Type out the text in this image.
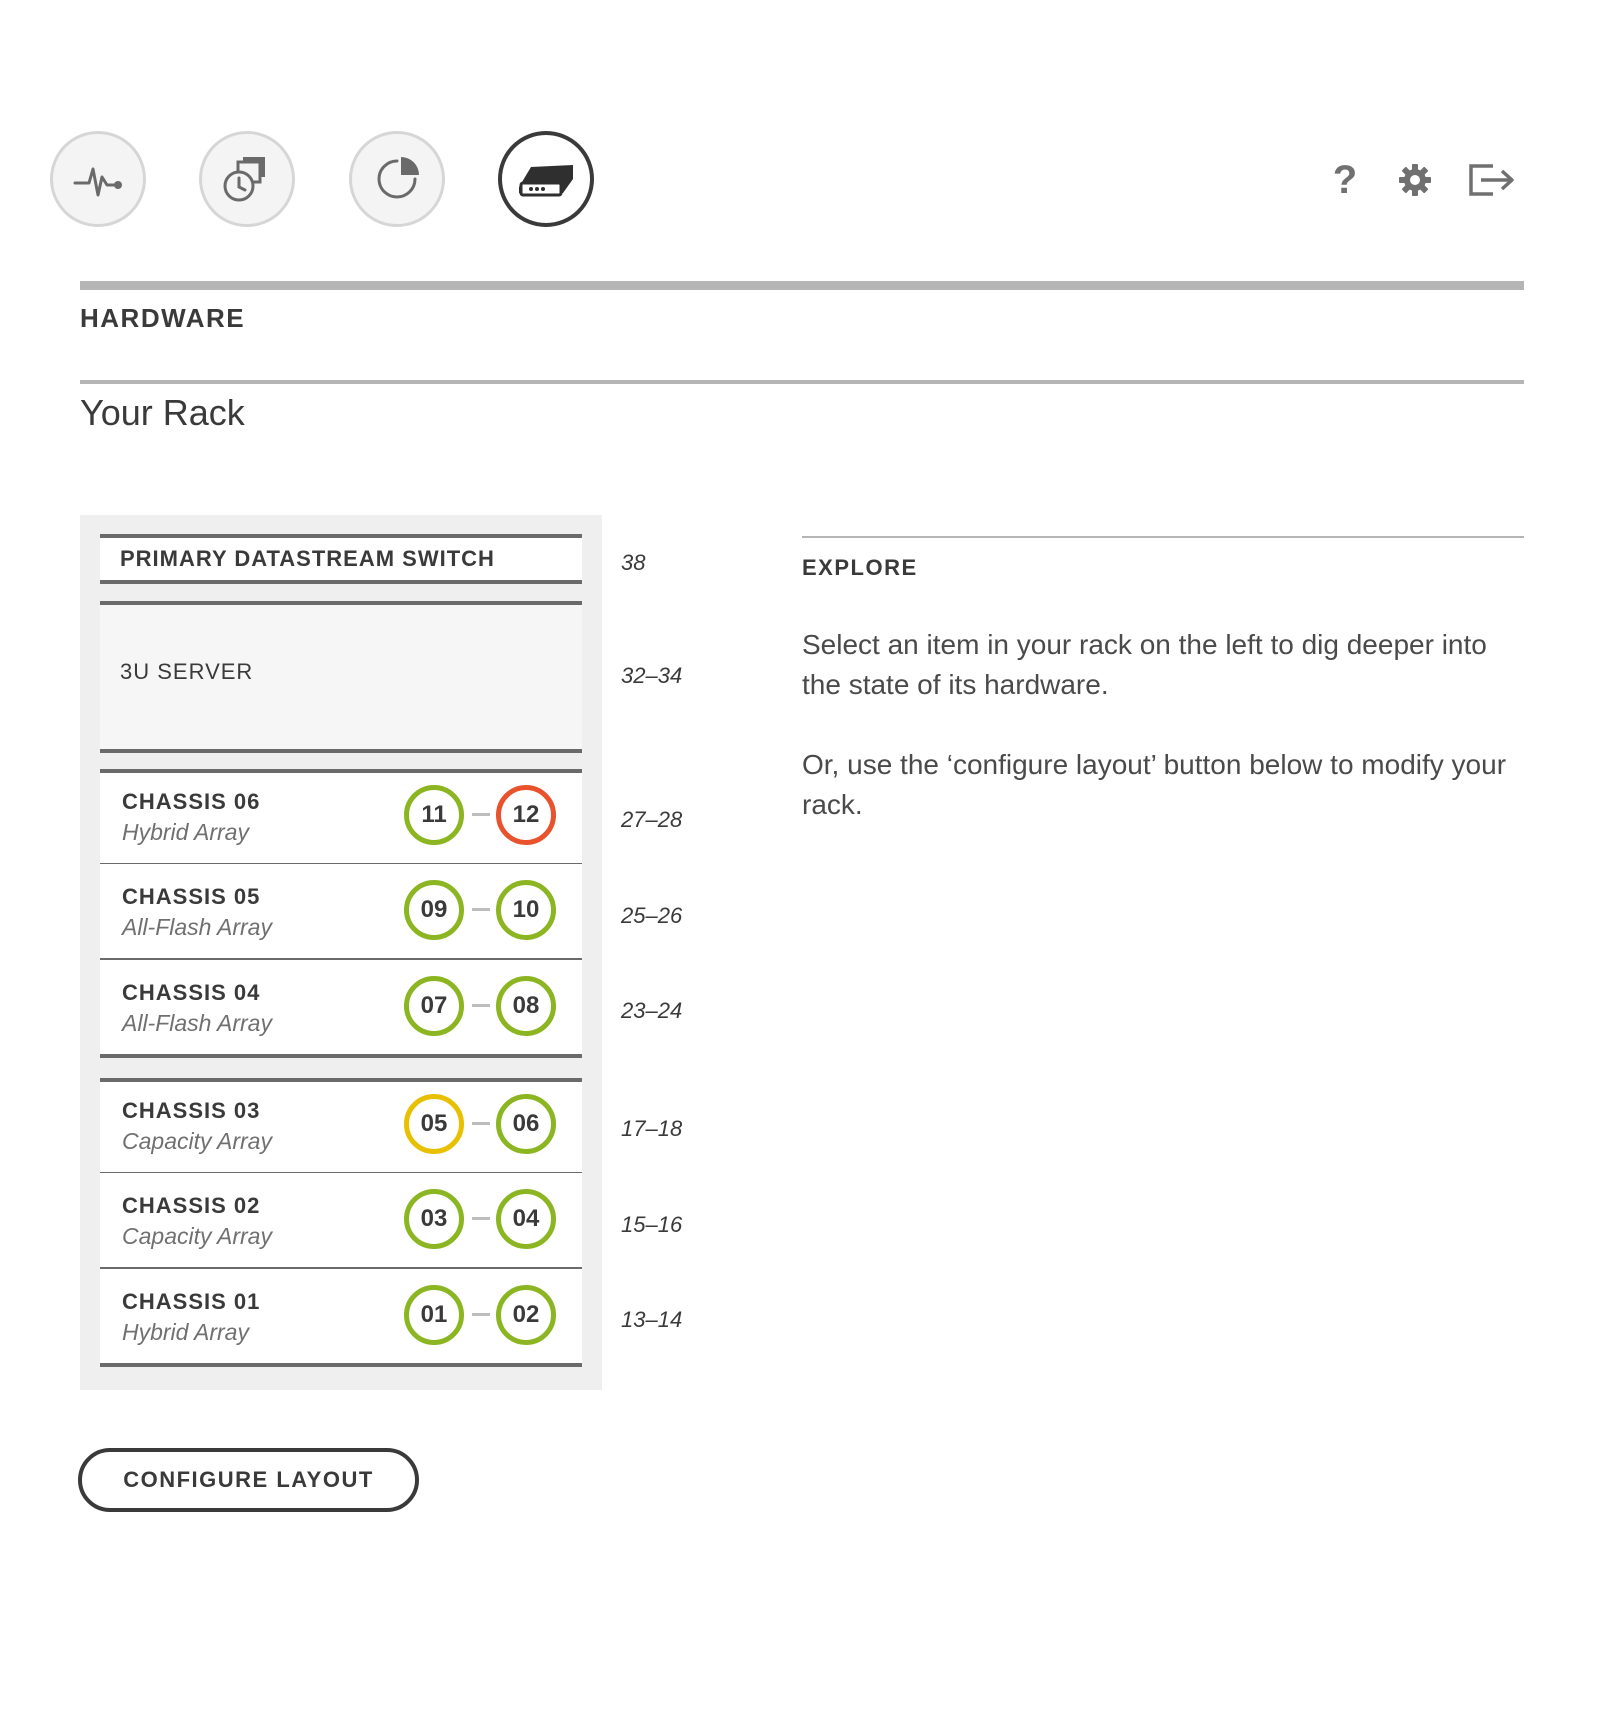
?
HARDWARE
Your Rack
PRIMARY DATASTREAM SWITCH	38
3U SERVER	32–34
CHASSIS 06
Hybrid Array
11	12	27–28
CHASSIS 05
All-Flash Array
09	10	25–26
CHASSIS 04
All-Flash Array
07	08	23–24
CHASSIS 03
Capacity Array
05	06	17–18
CHASSIS 02
Capacity Array
03	04	15–16
CHASSIS 01
Hybrid Array
01	02	13–14
EXPLORE
Select an item in your rack on the left to dig deeper into the state of its hardware.
Or, use the ‘configure layout’ button below to modify your rack.
CONFIGURE LAYOUT
